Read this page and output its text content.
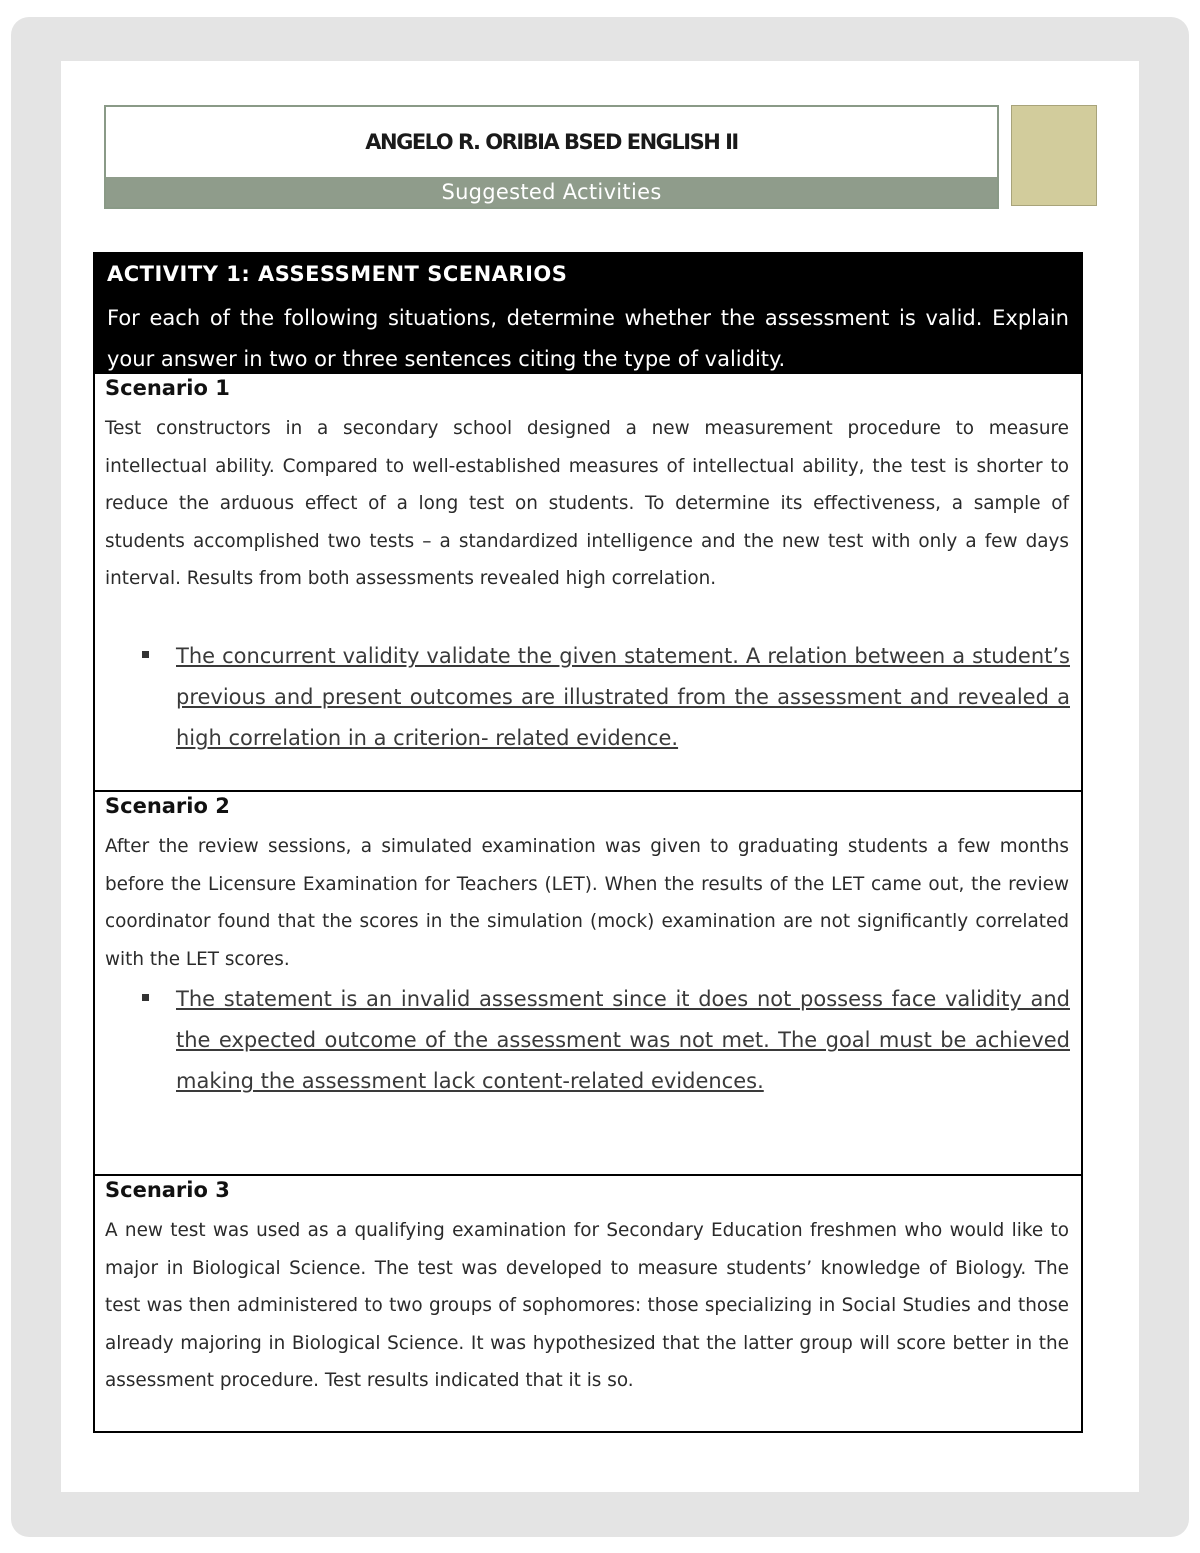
ANGELO R. ORIBIA BSED ENGLISH II
Suggested Activities
ACTIVITY 1: ASSESSMENT SCENARIOS
For each of the following situations, determine whether the assessment is valid. Explain your answer in two or three sentences citing the type of validity.
Scenario 1
Test constructors in a secondary school designed a new measurement procedure to measure intellectual ability. Compared to well-established measures of intellectual ability, the test is shorter to reduce the arduous effect of a long test on students. To determine its effectiveness, a sample of students accomplished two tests – a standardized intelligence and the new test with only a few days interval. Results from both assessments revealed high correlation.
The concurrent validity validate the given statement. A relation between a student’s previous and present outcomes are illustrated from the assessment and revealed a high correlation in a criterion- related evidence.
Scenario 2
After the review sessions, a simulated examination was given to graduating students a few months before the Licensure Examination for Teachers (LET). When the results of the LET came out, the review coordinator found that the scores in the simulation (mock) examination are not significantly correlated with the LET scores.
The statement is an invalid assessment since it does not possess face validity and the expected outcome of the assessment was not met. The goal must be achieved making the assessment lack content-related evidences.
Scenario 3
A new test was used as a qualifying examination for Secondary Education freshmen who would like to major in Biological Science. The test was developed to measure students’ knowledge of Biology. The test was then administered to two groups of sophomores: those specializing in Social Studies and those already majoring in Biological Science. It was hypothesized that the latter group will score better in the assessment procedure. Test results indicated that it is so.
